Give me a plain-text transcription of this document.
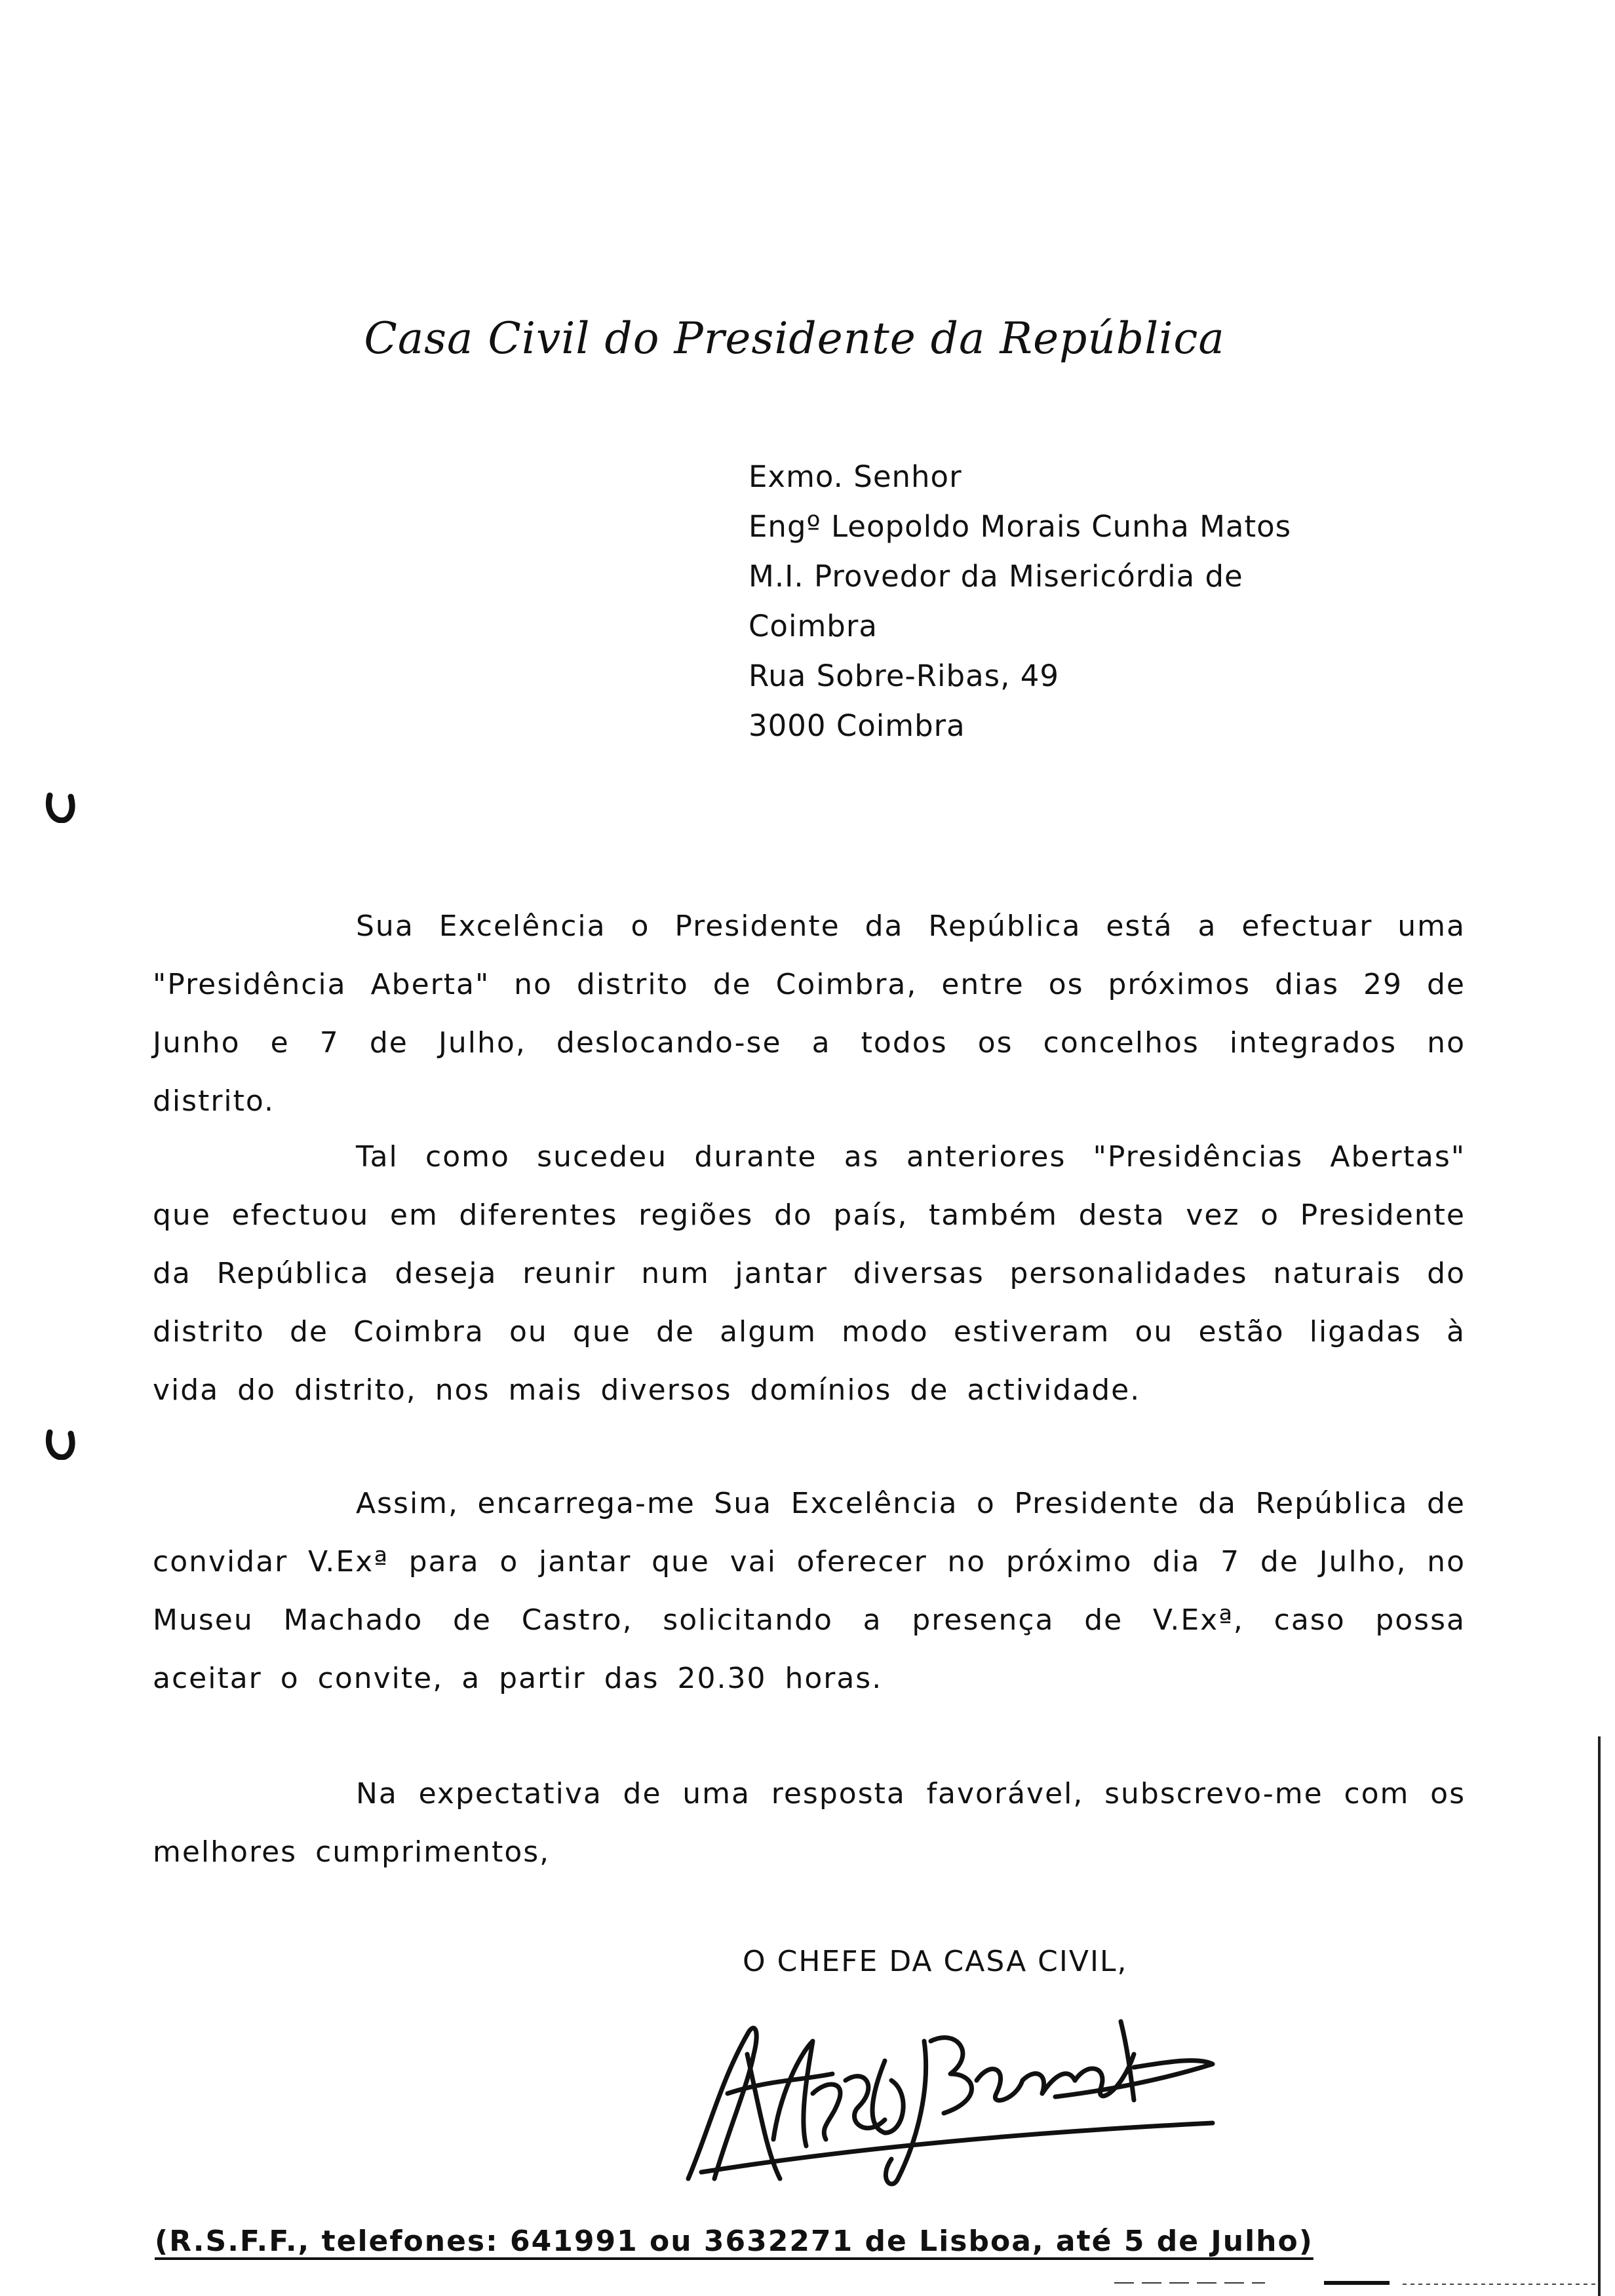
Casa Civil do Presidente da República
Exmo. Senhor
Engº Leopoldo Morais Cunha Matos
M.I. Provedor da Misericórdia de
Coimbra
Rua Sobre-Ribas, 49
3000 Coimbra
Sua Excelência o Presidente da República está a efectuar uma "Presidência Aberta" no distrito de Coimbra, entre os próximos dias 29 de Junho e 7 de Julho, deslocando-se a todos os concelhos integrados no distrito.
Tal como sucedeu durante as anteriores "Presidências Abertas" que efectuou em diferentes regiões do país, também desta vez o Presidente da República deseja reunir num jantar diversas personalidades naturais do distrito de Coimbra ou que de algum modo estiveram ou estão ligadas à vida do distrito, nos mais diversos domínios de actividade.
Assim, encarrega-me Sua Excelência o Presidente da República de convidar V.Exª para o jantar que vai oferecer no próximo dia 7 de Julho, no Museu Machado de Castro, solicitando a presença de V.Exª, caso possa aceitar o convite, a partir das 20.30 horas.
Na expectativa de uma resposta favorável, subscrevo-me com os melhores cumprimentos,
O CHEFE DA CASA CIVIL,
(R.S.F.F., telefones: 641991 ou 3632271 de Lisboa, até 5 de Julho)
